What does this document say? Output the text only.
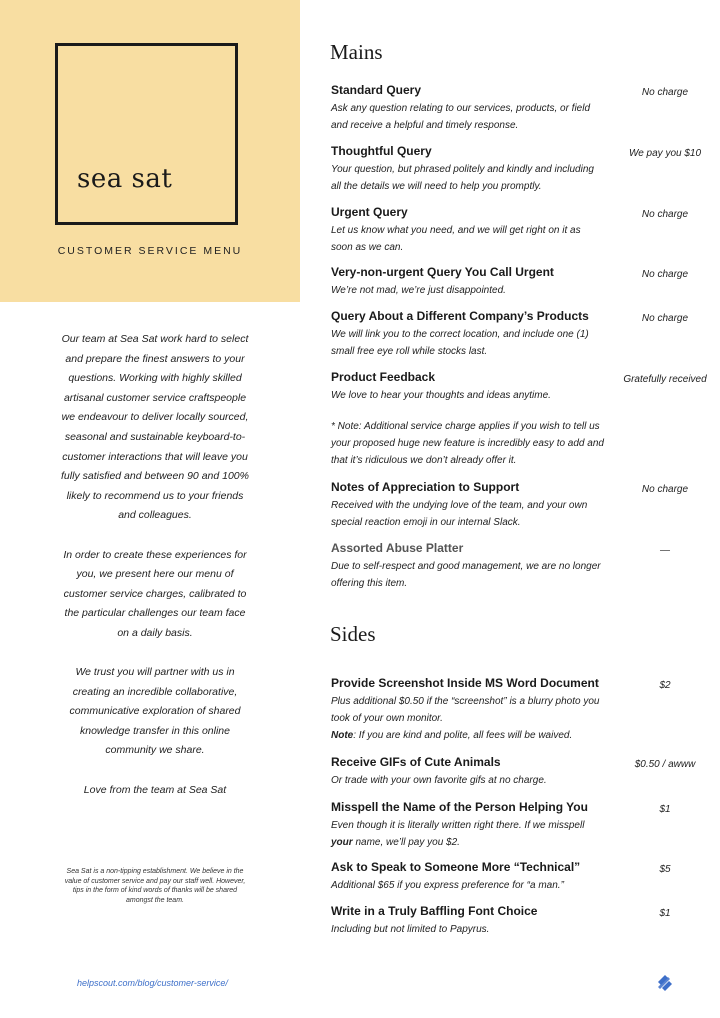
sea sat
CUSTOMER SERVICE MENU

Our team at Sea Sat work hard to select and prepare the finest answers to your questions. Working with highly skilled artisanal customer service craftspeople we endeavour to deliver locally sourced, seasonal and sustainable keyboard-to-customer interactions that will leave you fully satisfied and between 90 and 100% likely to recommend us to your friends and colleagues.

In order to create these experiences for you, we present here our menu of customer service charges, calibrated to the particular challenges our team face on a daily basis.

We trust you will partner with us in creating an incredible collaborative, communicative exploration of shared knowledge transfer in this online community we share.

Love from the team at Sea Sat

Sea Sat is a non-tipping establishment. We believe in the value of customer service and pay our staff well. However, tips in the form of kind words of thanks will be shared amongst the team.
Mains
Standard Query
Ask any question relating to our services, products, or field and receive a helpful and timely response.
No charge
Thoughtful Query
Your question, but phrased politely and kindly and including all the details we will need to help you promptly.
We pay you $10
Urgent Query
Let us know what you need, and we will get right on it as soon as we can.
No charge
Very-non-urgent Query You Call Urgent
We’re not mad, we’re just disappointed.
No charge
Query About a Different Company’s Products
We will link you to the correct location, and include one (1) small free eye roll while stocks last.
No charge
Product Feedback
We love to hear your thoughts and ideas anytime.
Gratefully received
* Note: Additional service charge applies if you wish to tell us your proposed huge new feature is incredibly easy to add and that it’s ridiculous we don’t already offer it.
Notes of Appreciation to Support
Received with the undying love of the team, and your own special reaction emoji in our internal Slack.
No charge
Assorted Abuse Platter
Due to self-respect and good management, we are no longer offering this item.
—
Sides
Provide Screenshot Inside MS Word Document
Plus additional $0.50 if the “screenshot” is a blurry photo you took of your own monitor.
Note: If you are kind and polite, all fees will be waived.
$2
Receive GIFs of Cute Animals
Or trade with your own favorite gifs at no charge.
$0.50 / awww
Misspell the Name of the Person Helping You
Even though it is literally written right there. If we misspell
your name, we’ll pay you $2.
$1
Ask to Speak to Someone More “Technical”
Additional $65 if you express preference for “a man.”
$5
Write in a Truly Baffling Font Choice
Including but not limited to Papyrus.
$1
helpscout.com/blog/customer-service/
